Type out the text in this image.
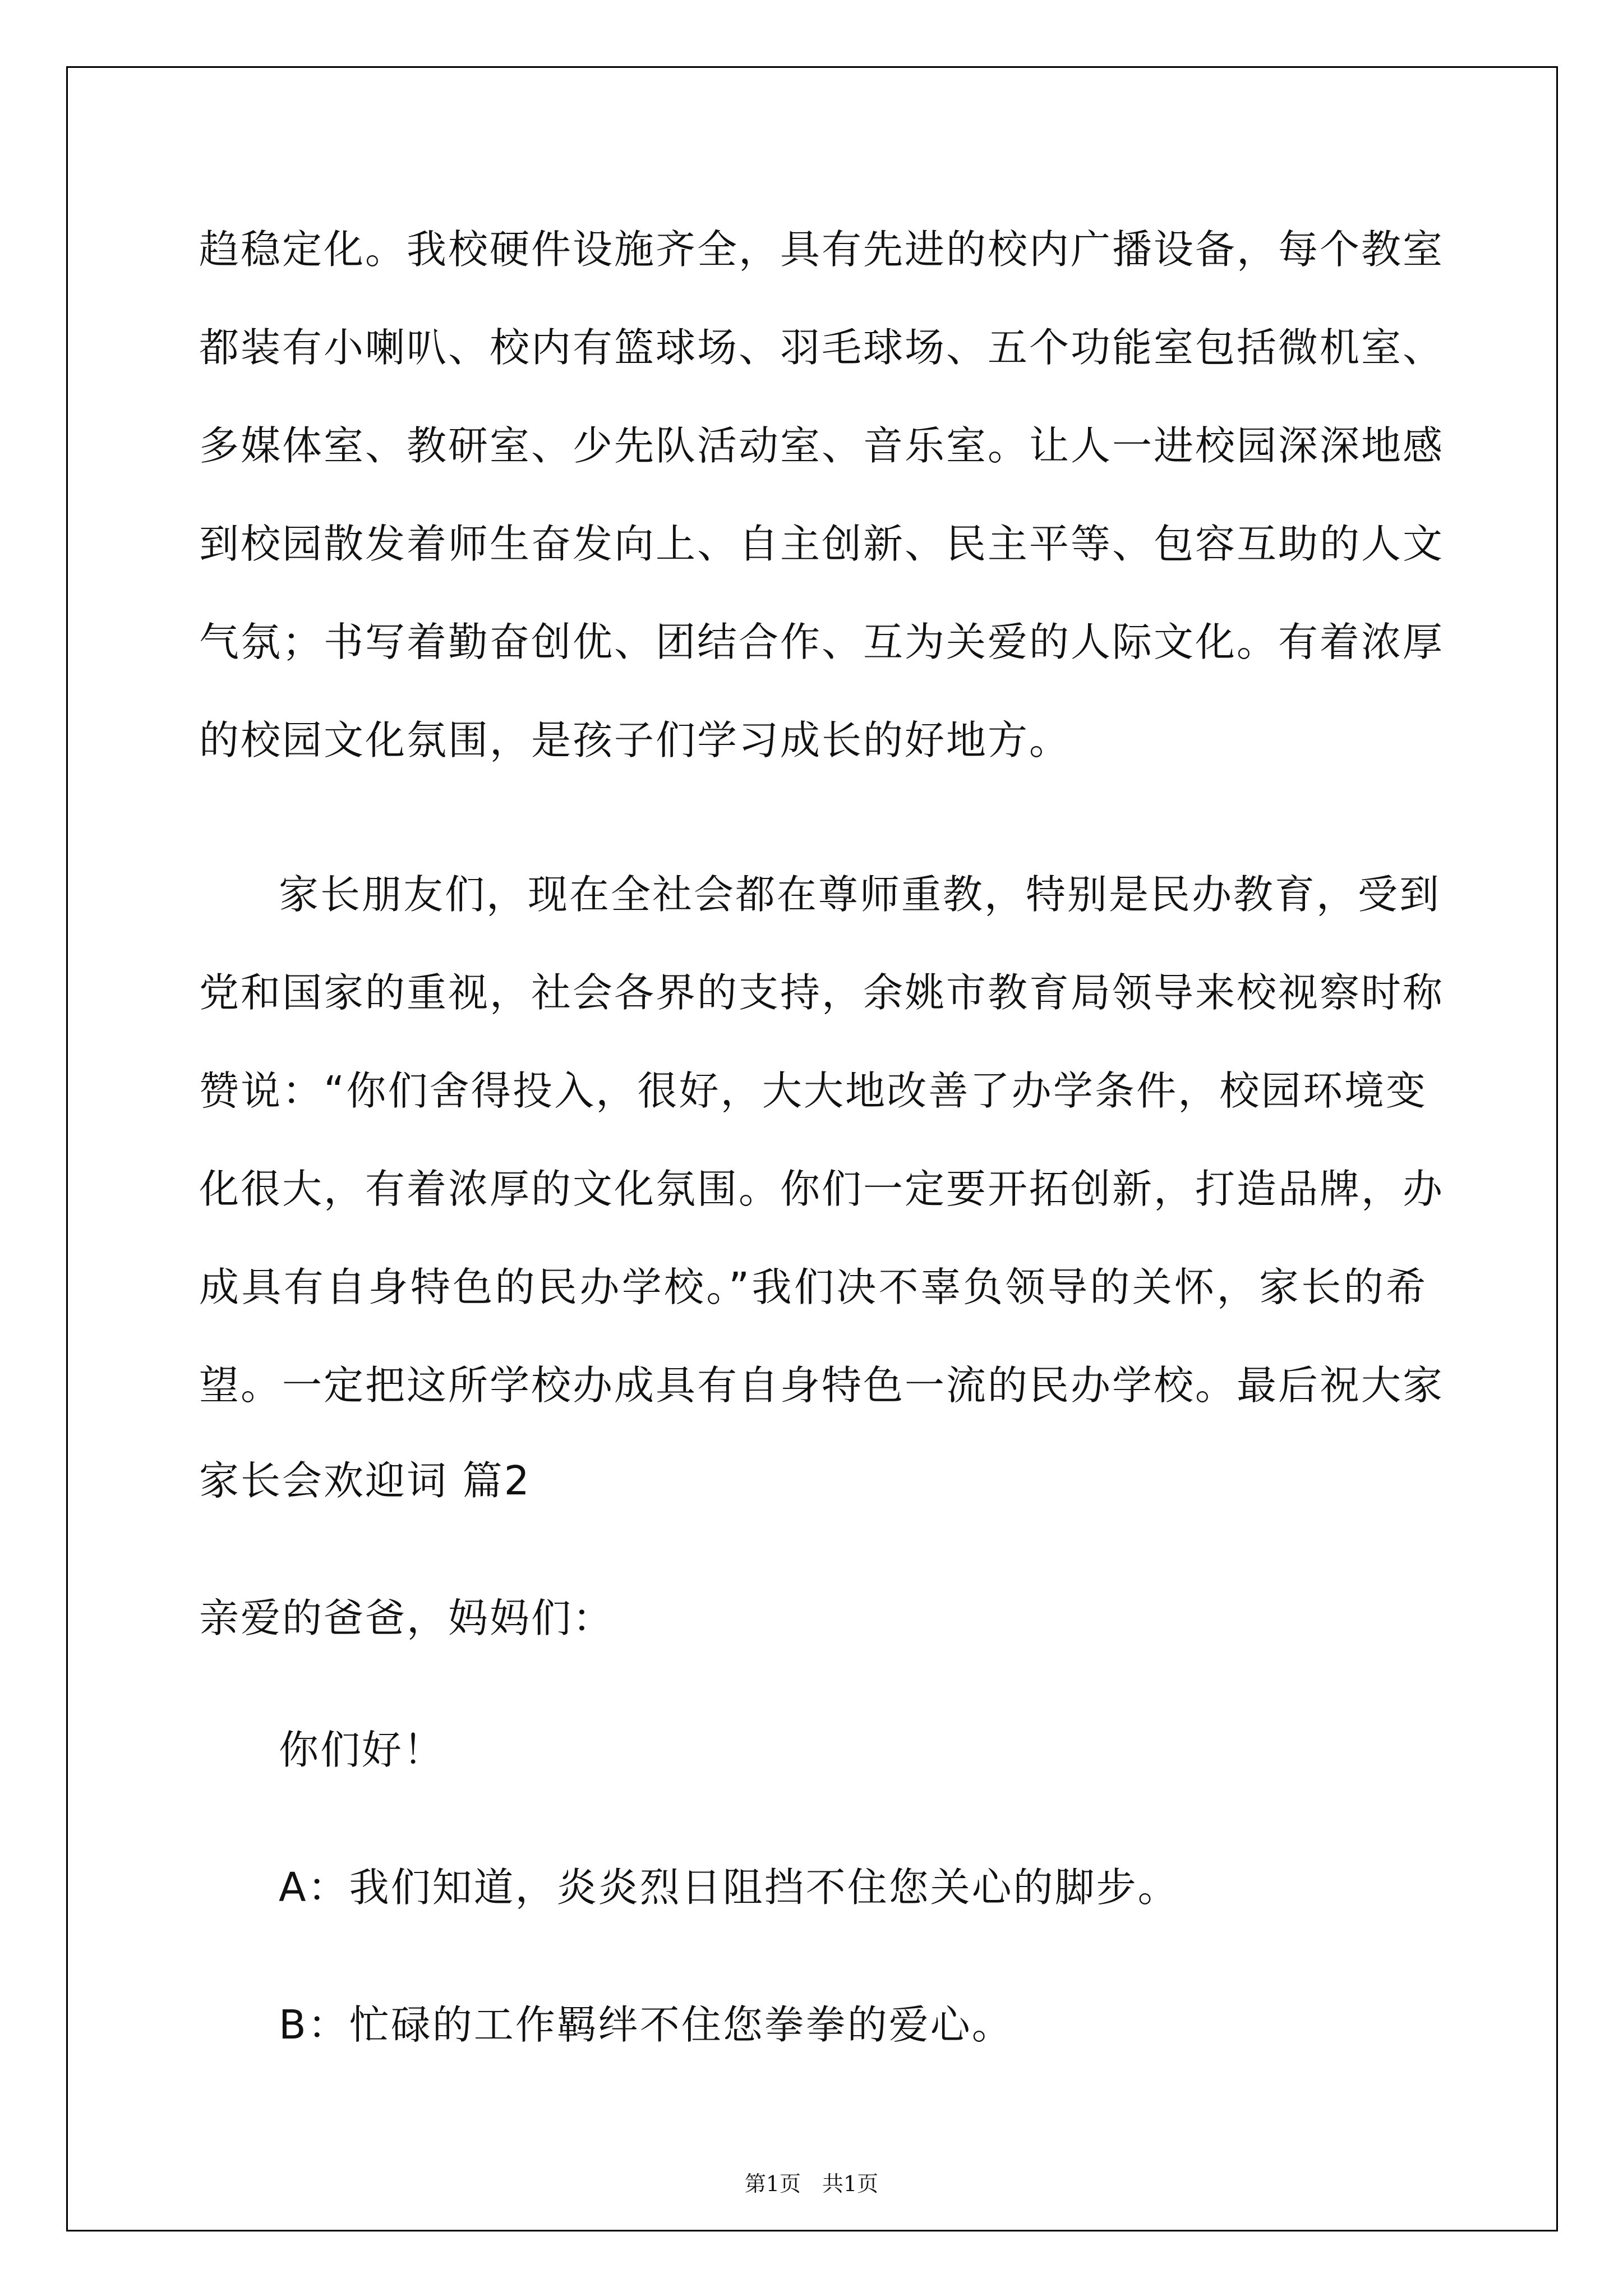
趋稳定化。我校硬件设施齐全，具有先进的校内广播设备，每个教室
都装有小喇叭、校内有篮球场、羽毛球场、五个功能室包括微机室、
多媒体室、教研室、少先队活动室、音乐室。让人一进校园深深地感
到校园散发着师生奋发向上、自主创新、民主平等、包容互助的人文
气氛；书写着勤奋创优、团结合作、互为关爱的人际文化。有着浓厚
的校园文化氛围，是孩子们学习成长的好地方。
家长朋友们，现在全社会都在尊师重教，特别是民办教育，受到
党和国家的重视，社会各界的支持，余姚市教育局领导来校视察时称
赞说：“你们舍得投入，很好，大大地改善了办学条件，校园环境变
化很大，有着浓厚的文化氛围。你们一定要开拓创新，打造品牌，办
成具有自身特色的民办学校。”我们决不辜负领导的关怀，家长的希
望。一定把这所学校办成具有自身特色一流的民办学校。最后祝大家
家长会欢迎词 篇2
亲爱的爸爸，妈妈们：
你们好！
A：我们知道，炎炎烈日阻挡不住您关心的脚步。
B：忙碌的工作羁绊不住您拳拳的爱心。
第1页　共1页
